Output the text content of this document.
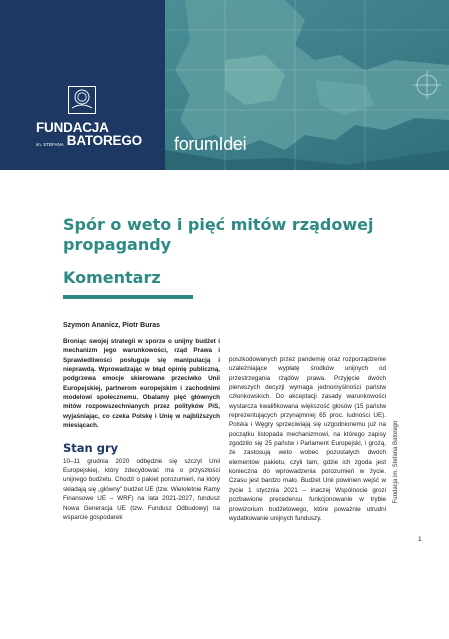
FUNDACJA
im. STEFANA BATOREGO forumIdei
Spór o weto i pięć mitów rządowej propagandy
Komentarz
Szymon Ananicz, Piotr Buras

Broniąc swojej strategii w sporze o unijny budżet i mechanizm jego warunkowości, rząd Prawa i Sprawiedliwości posługuje się manipulacją i nieprawdą. Wprowadzając w błąd opinię publiczną, podgrzewa emocje skierowane przeciwko Unii Europejskiej, partnerom europejskim i zachodnimi modelowi społecznemu. Obalamy pięć głównych mitów rozpowszechnianych przez polityków PiS, wyjaśniając, co czeka Polskę i Unię w najbliższych miesiącach.

Stan gry

10–11 grudnia 2020 odbędzie się szczyt Unii Europejskiej, który zdecydować ma o przyszłości unijnego budżetu. Chodzi o pakiet porozumień, na który składają się „główny” budżet UE (tzw. Wieloletnie Ramy Finansowe UE – WRF) na lata 2021-2027, fundusz Nowa Generacja UE (tzw. Fundusz Odbudowy) na wsparcie gospodarek

poszkodowanych przez pandemię oraz rozporządzenie uzależniające wypłatę środków unijnych od przestrzegania rządów prawa. Przyjęcie dwóch pierwszych decyzji wymaga jednomyślności państw członkowskich. Do akceptacji zasady warunkowości wystarcza kwalifikowana większość głosów (15 państw reprezentujących przynajmniej 65 proc. ludności UE). Polska i Węgry sprzeciwiają się uzgodnionemu już na początku listopada mechanizmowi, na którego zapisy zgodziło się 25 państw i Parlament Europejski, i grożą, że zastosują weto wobec pozostałych dwóch elementów pakietu, czyli tam, gdzie ich zgoda jest konieczna do wprowadzenia porozumień w życie. Czasu jest bardzo mało. Budżet Unii powinien wejść w życie 1 stycznia 2021 – inaczej Wspólnocie grozi pozbawione precedensu funkcjonowanie w trybie prowizorium budżetowego, które poważnie utrudni wydatkowanie unijnych funduszy.

Fundacja im. Stefana Batorego
1
